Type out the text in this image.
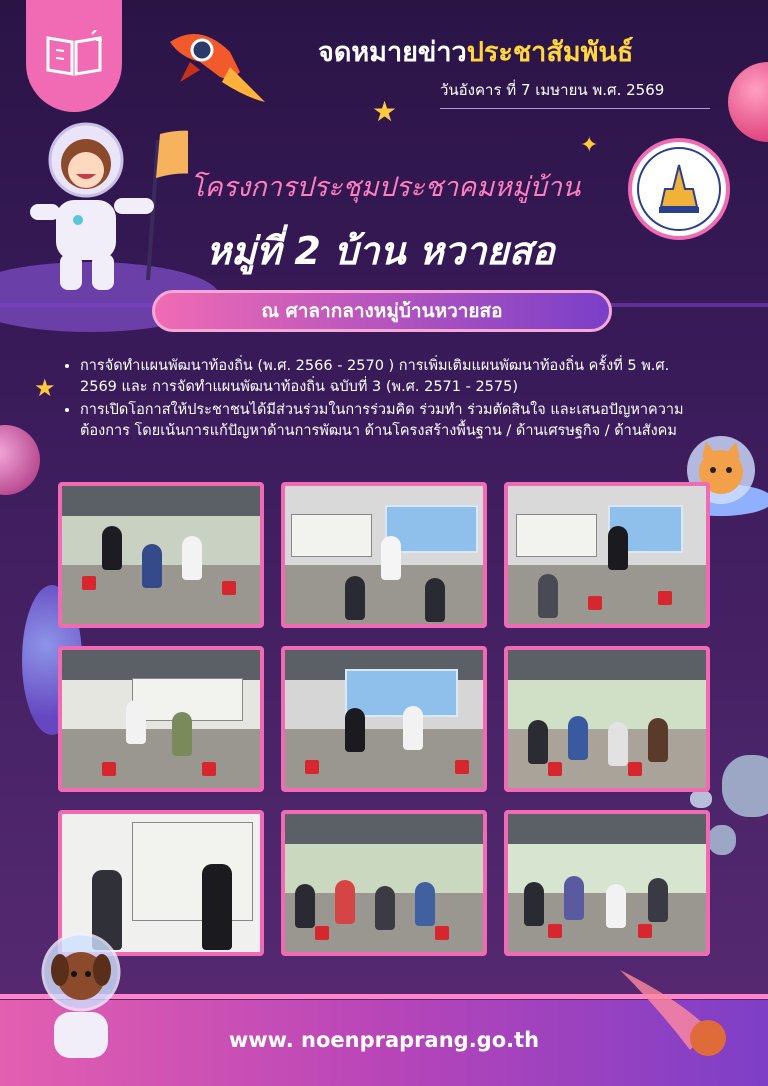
★
✦
★
จดหมายข่าวประชาสัมพันธ์
วันอังคาร ที่ 7 เมษายน พ.ศ. 2569
โครงการประชุมประชาคมหมู่บ้าน
หมู่ที่ 2 บ้าน หวายสอ
ณ ศาลากลางหมู่บ้านหวายสอ
• การจัดทำแผนพัฒนาท้องถิ่น (พ.ศ. 2566 - 2570 ) การเพิ่มเติมแผนพัฒนาท้องถิ่น ครั้งที่ 5 พ.ศ. 2569 และ การจัดทำแผนพัฒนาท้องถิ่น ฉบับที่ 3 (พ.ศ. 2571 - 2575)
• การเปิดโอกาสให้ประชาชนได้มีส่วนร่วมในการร่วมคิด ร่วมทำ ร่วมตัดสินใจ และเสนอปัญหาความต้องการ โดยเน้นการแก้ปัญหาด้านการพัฒนา ด้านโครงสร้างพื้นฐาน / ด้านเศรษฐกิจ / ด้านสังคม
www. noenpraprang.go.th
